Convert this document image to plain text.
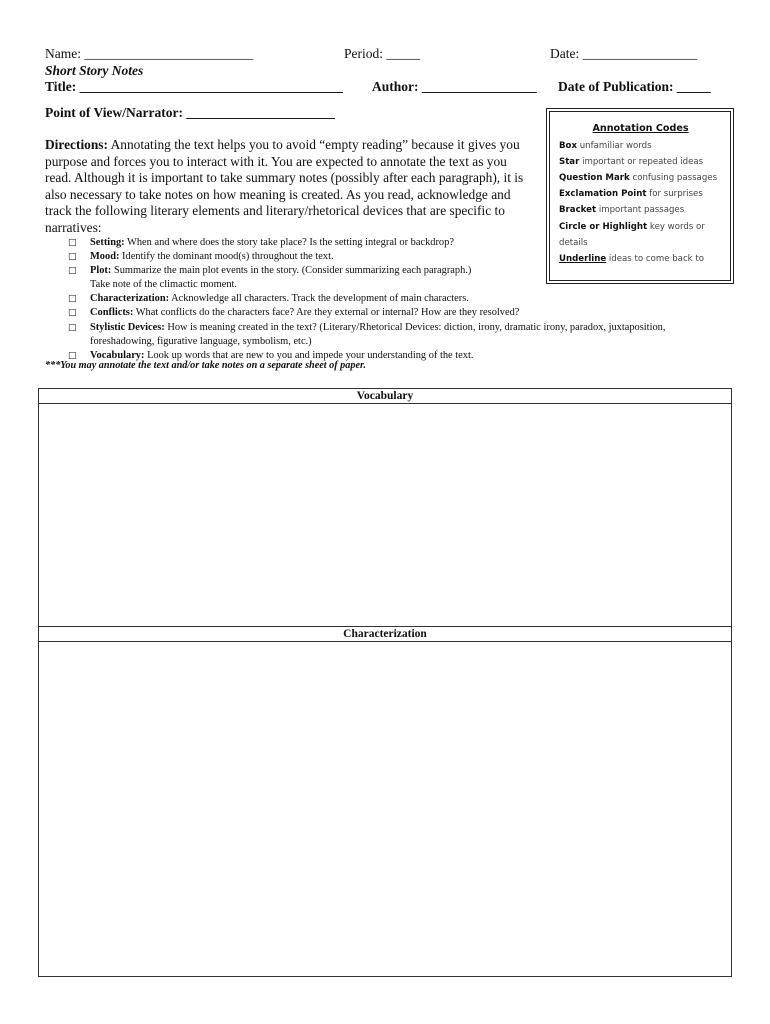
Name: _________________________	Period: _____	Date: _________________
Short Story Notes
Title: _______________________________________ Author: _________________ Date of Publication: _____
Point of View/Narrator: ______________________
Directions: Annotating the text helps you to avoid “empty reading” because it gives you purpose and forces you to interact with it. You are expected to annotate the text as you read. Although it is important to take summary notes (possibly after each paragraph), it is also necessary to take notes on how meaning is created. As you read, acknowledge and track the following literary elements and literary/rhetorical devices that are specific to narratives:
Annotation Codes
Box unfamiliar words
Star important or repeated ideas
Question Mark confusing passages
Exclamation Point for surprises
Bracket important passages
Circle or Highlight key words or details
Underline ideas to come back to
□	Setting: When and where does the story take place? Is the setting integral or backdrop?
□	Mood: Identify the dominant mood(s) throughout the text.
□	Plot: Summarize the main plot events in the story. (Consider summarizing each paragraph.)
Take note of the climactic moment.
□	Characterization: Acknowledge all characters. Track the development of main characters.
□	Conflicts: What conflicts do the characters face? Are they external or internal? How are they resolved?
□	Stylistic Devices: How is meaning created in the text? (Literary/Rhetorical Devices: diction, irony, dramatic irony, paradox, juxtaposition,
foreshadowing, figurative language, symbolism, etc.)
□	Vocabulary: Look up words that are new to you and impede your understanding of the text.
***You may annotate the text and/or take notes on a separate sheet of paper.
Vocabulary
Characterization
